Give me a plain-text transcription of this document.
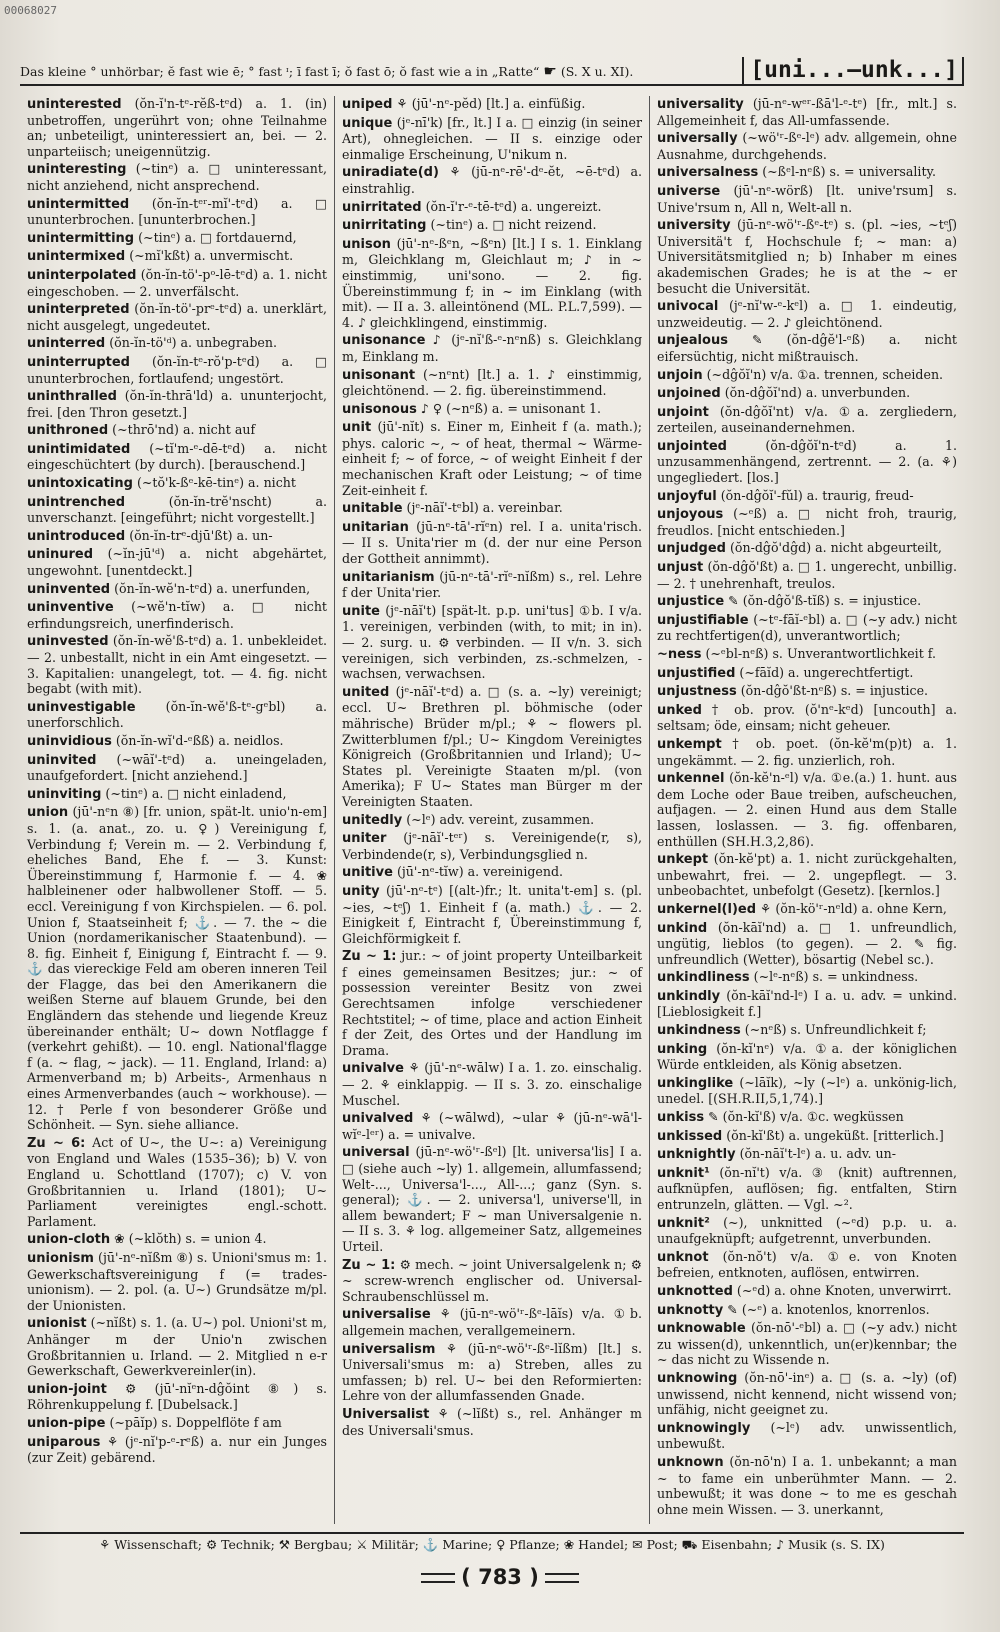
00068027
Das kleine ° unhörbar; ĕ fast wie ē; ° fast ᶦ; ī fast ī; ŏ fast ō; ŏ fast wie a in „Ratte“ ☛ (S. X u. XI).	[uni...—unk...]

uninterested (ŏn-ĭ'n-tᵉ-rĕß-tᵉd) a. 1. (in) unbetroffen, ungerührt von; ohne Teilnahme an; unbeteiligt, uninteressiert an, bei. — 2. unparteiisch; uneigennützig.

uninteresting (~tinᵉ) a. □ uninteressant, nicht anziehend, nicht ansprechend.

unintermitted (ŏn-ĭn-tᵉʳ-mĭ'-tᵉd) a. □ ununterbrochen. [ununterbrochen.]

unintermitting (~tinᵉ) a. □ fortdauernd,

unintermixed (~mĭ'kßt) a. unvermischt.

uninterpolated (ŏn-ĭn-tö'-pᵒ-lē-tᵉd) a. 1. nicht eingeschoben. — 2. unverfälscht.

uninterpreted (ŏn-ĭn-tö'-prᵉ-tᵉd) a. unerklärt, nicht ausgelegt, ungedeutet.

uninterred (ŏn-ĭn-tö'ᵈ) a. unbegraben.

uninterrupted (ŏn-ĭn-tᵉ-rŏ'p-tᵉd) a. □ ununterbrochen, fortlaufend; ungestört.

uninthralled (ŏn-ĭn-thrā'ld) a. ununterjocht, frei. [den Thron gesetzt.]

unithroned (~thrō'nd) a. nicht auf

unintimidated (~tĭ'm-ᵉ-dē-tᵉd) a. nicht eingeschüchtert (by durch). [berauschend.]

unintoxicating (~tŏ'k-ßᵉ-kē-tinᵉ) a. nicht

unintrenched	(ŏn-ĭn-trĕ'nscht) a. unverschanzt. [eingeführt; nicht vorgestellt.]

unintroduced (ŏn-ĭn-trᵉ-djū'ßt) a. un-

uninured (~ĭn-jū'ᵈ) a. nicht abgehärtet, ungewohnt. [unentdeckt.]

uninvented (ŏn-ĭn-wĕ'n-tᵉd) a. unerfunden,

uninventive (~wĕ'n-tĭw) a. □ nicht erfindungsreich, unerfinderisch.

uninvested (ŏn-ĭn-wĕ'ß-tᵉd) a. 1. unbekleidet. — 2. unbestallt, nicht in ein Amt eingesetzt. — 3. Kapitalien: unangelegt, tot. — 4. fig. nicht begabt (with mit).

uninvestigable (ŏn-ĭn-wĕ'ß-tᵉ-gᵉbl) a. unerforschlich.

uninvidious (ŏn-ĭn-wĭ'd-ᵉßß) a. neidlos.

uninvited (~wāĭ'-tᵉd) a. uneingeladen, unaufgefordert. [nicht anziehend.]

uninviting (~tinᵉ) a. □ nicht einladend,

union (jū'-nᵉn ⑧) [fr. union, spät-lt. unio'n-em] s. 1. (a. anat., zo. u. ♀) Vereinigung f, Verbindung f; Verein m. — 2. Verbindung f, eheliches Band, Ehe f. — 3. Kunst: Übereinstimmung f, Harmonie f. — 4. ❀ halbleinener oder halbwollener Stoff. — 5. eccl. Vereinigung f von Kirchspielen. — 6. pol. Union f, Staatseinheit f; ⚓. — 7. the ~ die Union (nordamerikanischer Staatenbund). — 8. fig. Einheit f, Einigung f, Eintracht f. — 9. ⚓ das viereckige Feld am oberen inneren Teil der Flagge, das bei den Amerikanern die weißen Sterne auf blauem Grunde, bei den Engländern das stehende und liegende Kreuz übereinander enthält; U~ down Notflagge f (verkehrt gehißt). — 10. engl. National'flagge f (a. ~ flag, ~ jack). — 11. England, Irland: a) Armenverband m; b) Arbeits-, Armenhaus n eines Armenverbandes (auch ~ workhouse). — 12. † Perle f von besonderer Größe und Schönheit. — Syn. siehe alliance.

Zu ~ 6: Act of U~, the U~: a) Vereinigung von England und Wales (1535–36); b) V. von England u. Schottland (1707); c) V. von Großbritannien u. Irland (1801); U~ Parliament vereinigtes engl.-schott. Parlament.

union-cloth ❀ (~klŏth) s. = union 4.

unionism (jū'-nᵉ-nĭßm ⑧) s. Unioni'smus m: 1. Gewerkschaftsvereinigung f (= trades-unionism). — 2. pol. (a. U~) Grundsätze m/pl. der Unionisten.

unionist (~nĭßt) s. 1. (a. U~) pol. Unioni'st m, Anhänger m der Unio'n zwischen Großbritannien u. Irland. — 2. Mitglied n e-r Gewerkschaft, Gewerkvereinler(in).

union-joint ⚙ (jū'-nĭᵉn-dĝŏint ⑧) s. Röhrenkuppelung f. [Dubelsack.]

union-pipe (~pāĭp) s. Doppelflöte f am

uniparous ⚘ (jᵉ-nĭ'p-ᵉ-rᵉß) a. nur ein Junges (zur Zeit) gebärend.

uniped ⚘ (jū'-nᵉ-pĕd) [lt.] a. einfüßig.

unique (jᵉ-nī'k) [fr., lt.] I a. □ einzig (in seiner Art), ohnegleichen. — II s. einzige oder einmalige Erscheinung, U'nikum n.

uniradiate(d) ⚘ (jū-nᵉ-rē'-dᵉ-ĕt, ~ē-tᵉd) a. einstrahlig.

unirritated (ŏn-ĭ'r-ᵉ-tē-tᵉd) a. ungereizt.

unirritating (~tinᵉ) a. □ nicht reizend.

unison (jū'-nᵉ-ßᵉn, ~ßᵉn) [lt.] I s. 1. Einklang m, Gleichklang m, Gleichlaut m; ♪ in ~ einstimmig, uni'sono. — 2. fig. Übereinstimmung f; in ~ im Einklang (with mit). — II a. 3. alleintönend (ML. P.L.7,599). — 4. ♪ gleichklingend, einstimmig.

unisonance ♪ (jᵉ-nĭ'ß-ᵉ-nᵉnß) s. Gleichklang m, Einklang m.

unisonant (~nᵉnt) [lt.] a. 1. ♪ einstimmig, gleichtönend. — 2. fig. übereinstimmend.

unisonous ♪ ♀ (~nᵉß) a. = unisonant 1.

unit (jū'-nĭt) s. Einer m, Einheit f (a. math.); phys. caloric ~, ~ of heat, thermal ~ Wärme-einheit f; ~ of force, ~ of weight Einheit f der mechanischen Kraft oder Leistung; ~ of time Zeit-einheit f.

unitable (jᵉ-nāĭ'-tᵉbl) a. vereinbar.

unitarian (jū-nᵉ-tā'-rĭᵉn) rel. I a. unita'risch. — II s. Unita'rier m (d. der nur eine Person der Gottheit annimmt).

unitarianism (jū-nᵉ-tā'-rĭᵉ-nĭßm) s., rel. Lehre f der Unita'rier.

unite (jᵉ-nāĭ't) [spät-lt. p.p. uni'tus] ①b. I v/a. 1. vereinigen, verbinden (with, to mit; in in). — 2. surg. u. ⚙ verbinden. — II v/n. 3. sich vereinigen, sich verbinden, zs.-schmelzen, -wachsen, verwachsen.

united (jᵉ-nāĭ'-tᵉd) a. □ (s. a. ~ly) vereinigt; eccl. U~ Brethren pl. böhmische (oder mährische) Brüder m/pl.; ⚘ ~ flowers pl. Zwitterblumen f/pl.; U~ Kingdom Vereinigtes Königreich (Großbritannien und Irland); U~ States pl. Vereinigte Staaten m/pl. (von Amerika); F U~ States man Bürger m der Vereinigten Staaten.

unitedly (~lᵉ) adv. vereint, zusammen.

uniter (jᵉ-nāĭ'-tᵉʳ) s. Vereinigende(r, s), Verbindende(r, s), Verbindungsglied n.

unitive (jū'-nᵉ-tĭw) a. vereinigend.

unity (jū'-nᵉ-tᵉ) [(alt-)fr.; lt. unita't-em] s. (pl. ~ies, ~tᵉʃ) 1. Einheit f (a. math.) ⚓. — 2. Einigkeit f, Eintracht f, Übereinstimmung f, Gleichförmigkeit f.

Zu ~ 1: jur.: ~ of joint property Unteilbarkeit f eines gemeinsamen Besitzes; jur.: ~ of possession vereinter Besitz von zwei Gerechtsamen infolge verschiedener Rechtstitel; ~ of time, place and action Einheit f der Zeit, des Ortes und der Handlung im Drama.

univalve ⚘ (jū'-nᵉ-wālw) I a. 1. zo. einschalig. — 2. ⚘ einklappig. — II s. 3. zo. einschalige Muschel.

univalved ⚘ (~wālwd), ~ular ⚘ (jū-nᵉ-wā'l-wĭᵉ-lᵉʳ) a. = univalve.

universal (jū-nᵉ-wö'ʳ-ßᵉl) [lt. universa'lis] I a. □ (siehe auch ~ly) 1. allgemein, allumfassend; Welt-..., Universa'l-..., All-...; ganz (Syn. s. general); ⚓. — 2. universa'l, universe'll, in allem bewandert; F ~ man Universalgenie n. — II s. 3. ⚘ log. allgemeiner Satz, allgemeines Urteil.

Zu ~ 1: ⚙ mech. ~ joint Universalgelenk n; ⚙ ~ screw-wrench englischer od. Universal-Schraubenschlüssel m.

universalise ⚘ (jū-nᵉ-wö'ʳ-ßᵉ-lāĭs) v/a. ①b. allgemein machen, verallgemeinern.

universalism ⚘ (jū-nᵉ-wö'ʳ-ßᵉ-lĭßm) [lt.] s. Universali'smus m: a) Streben, alles zu umfassen; b) rel. U~ bei den Reformierten: Lehre von der allumfassenden Gnade.

Universalist ⚘ (~lĭßt) s., rel. Anhänger m des Universali'smus.

universality (jū-nᵉ-wᵉʳ-ßā'l-ᵉ-tᵉ) [fr., mlt.] s. Allgemeinheit f, das All-umfassende.

universally (~wö'ʳ-ßᵉ-lᵉ) adv. allgemein, ohne Ausnahme, durchgehends.

universalness (~ßᵉl-nᵉß) s. = universality.

universe (jū'-nᵉ-wörß) [lt. unive'rsum] s. Unive'rsum n, All n, Welt-all n.

university (jū-nᵉ-wö'ʳ-ßᵉ-tᵉ) s. (pl. ~ies, ~tᵉʃ) Universitä't f, Hochschule f; ~ man: a) Universitätsmitglied n; b) Inhaber m eines akademischen Grades; he is at the ~ er besucht die Universität.

univocal (jᵉ-nĭ'w-ᵉ-kᵉl) a. □ 1. eindeutig, unzweideutig. — 2. ♪ gleichtönend.

unjealous ✎ (ŏn-dĝĕ'l-ᵉß) a. nicht eifersüchtig, nicht mißtrauisch.

unjoin (~dĝŏĭ'n) v/a. ①a. trennen, scheiden.

unjoined (ŏn-dĝŏĭ'nd) a. unverbunden.

unjoint (ŏn-dĝŏĭ'nt) v/a. ①a. zergliedern, zerteilen, auseinandernehmen.

unjointed	(ŏn-dĝŏĭ'n-tᵉd) a. 1. unzusammenhängend, zertrennt. — 2. (a. ⚘) ungegliedert. [los.]

unjoyful (ŏn-dĝŏĭ'-fŭl) a. traurig, freud-

unjoyous (~ᵉß) a. □ nicht froh, traurig, freudlos. [nicht entschieden.]

unjudged (ŏn-dĝŏ'dĝd) a. nicht abgeurteilt,

unjust (ŏn-dĝŏ'ßt) a. □ 1. ungerecht, unbillig. — 2. † unehrenhaft, treulos.

unjustice ✎ (ŏn-dĝŏ'ß-tĭß) s. = injustice.

unjustifiable (~tᵉ-fāĭ-ᵉbl) a. □ (~y adv.) nicht zu rechtfertigen(d), unverantwortlich;

~ness (~ᵉbl-nᵉß) s. Unverantwortlichkeit f.

unjustified (~fāĭd) a. ungerechtfertigt.

unjustness (ŏn-dĝŏ'ßt-nᵉß) s. = injustice.

unked † ob. prov. (ŏ'nᵉ-kᵉd) [uncouth] a. seltsam; öde, einsam; nicht geheuer.

unkempt † ob. poet. (ŏn-kĕ'm(p)t) a. 1. ungekämmt. — 2. fig. unzierlich, roh.

unkennel (ŏn-kĕ'n-ᵉl) v/a. ①e.(a.) 1. hunt. aus dem Loche oder Baue treiben, aufscheuchen, aufjagen. — 2. einen Hund aus dem Stalle lassen, loslassen. — 3. fig. offenbaren, enthüllen (SH.H.3,2,86).

unkept (ŏn-kĕ'pt) a. 1. nicht zurückgehalten, unbewahrt, frei. — 2. ungepflegt. — 3. unbeobachtet, unbefolgt (Gesetz). [kernlos.]

unkernel(l)ed ⚘ (ŏn-kö'ʳ-nᵉld) a. ohne Kern,

unkind (ŏn-kāĭ'nd) a. □ 1. unfreundlich, ungütig, lieblos (to gegen). — 2. ✎ fig. unfreundlich (Wetter), bösartig (Nebel sc.).

unkindliness (~lᵉ-nᵉß) s. = unkindness.

unkindly (ŏn-kāĭ'nd-lᵉ) I a. u. adv. = unkind. [Lieblosigkeit f.]

unkindness (~nᵉß) s. Unfreundlichkeit f;

unking (ŏn-kĭ'nᵉ) v/a. ①a. der königlichen Würde entkleiden, als König absetzen.

unkinglike (~lāĭk), ~ly (~lᵉ) a. unkönig-lich, unedel. [(SH.R.II,5,1,74).]

unkiss ✎ (ŏn-kĭ'ß) v/a. ①c. wegküssen

unkissed (ŏn-kĭ'ßt) a. ungeküßt. [ritterlich.]

unknightly (ŏn-nāĭ't-lᵉ) a. u. adv. un-

unknit¹ (ŏn-nĭ't) v/a. ③ (knit) auftrennen, aufknüpfen, auflösen; fig. entfalten, Stirn entrunzeln, glätten. — Vgl. ~².

unknit² (~), unknitted (~ᵉd) p.p. u. a. unaufgeknüpft; aufgetrennt, unverbunden.

unknot (ŏn-nŏ't) v/a. ①e. von Knoten befreien, entknoten, auflösen, entwirren.

unknotted (~ᵉd) a. ohne Knoten, unverwirrt.

unknotty ✎ (~ᵉ) a. knotenlos, knorrenlos.

unknowable (ŏn-nō'-ᵉbl) a. □ (~y adv.) nicht zu wissen(d), unkenntlich, un(er)kennbar; the ~ das nicht zu Wissende n.

unknowing (ŏn-nō'-inᵉ) a. □ (s. a. ~ly) (of) unwissend, nicht kennend, nicht wissend von; unfähig, nicht geeignet zu.

unknowingly (~lᵉ) adv. unwissentlich, unbewußt.

unknown (ŏn-nō'n) I a. 1. unbekannt; a man ~ to fame ein unberühmter Mann. — 2. unbewußt; it was done ~ to me es geschah ohne mein Wissen. — 3. unerkannt,

⚘ Wissenschaft; ⚙ Technik; ⚒ Bergbau; ⚔ Militär; ⚓ Marine; ♀ Pflanze; ❀ Handel; ✉ Post; ⛟ Eisenbahn; ♪ Musik (s. S. IX)
( 783 )
